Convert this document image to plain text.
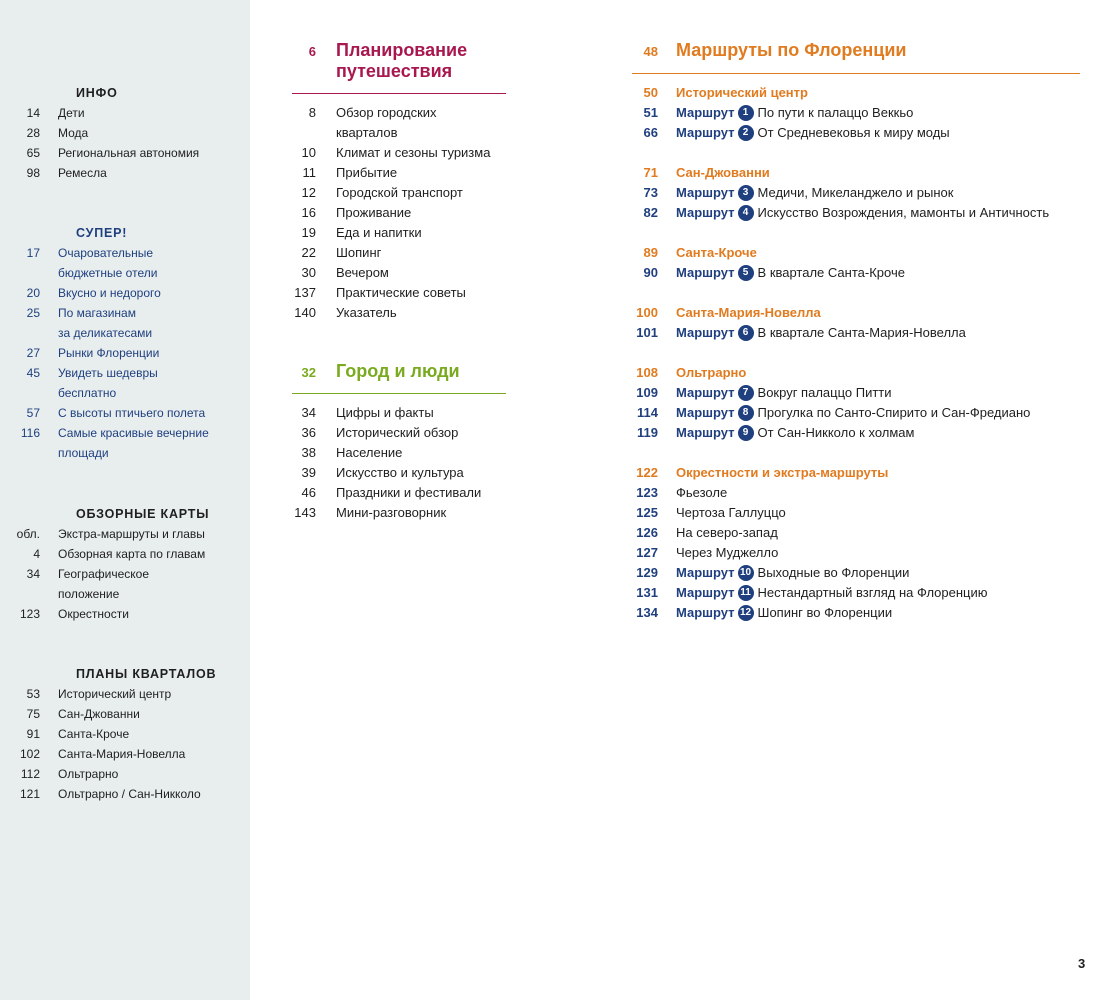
ИНФО
14	Дети
28	Мода
65	Региональная автономия
98	Ремесла
СУПЕР!
17	Очаровательные
бюджетные отели
20	Вкусно и недорого
25	По магазинам
за деликатесами
27	Рынки Флоренции
45	Увидеть шедевры
бесплатно
57	С высоты птичьего полета
116	Самые красивые вечерние
площади
ОБЗОРНЫЕ КАРТЫ
обл.	Экстра-маршруты и главы
4	Обзорная карта по главам
34	Географическое
положение
123	Окрестности
ПЛАНЫ КВАРТАЛОВ
53	Исторический центр
75	Сан-Джованни
91	Санта-Кроче
102	Санта-Мария-Новелла
112	Ольтрарно
121	Ольтрарно / Сан-Никколо
6 Планирование путешествия
8 Обзор городских
кварталов
10 Климат и сезоны туризма
11 Прибытие
12 Городской транспорт
16 Проживание
19 Еда и напитки
22 Шопинг
30 Вечером
137 Практические советы
140 Указатель
32 Город и люди
34 Цифры и факты
36 Исторический обзор
38 Население
39 Искусство и культура
46 Праздники и фестивали
143 Мини-разговорник
48 Маршруты по Флоренции
50 Исторический центр
51 Маршрут 1 По пути к палаццо Веккьо
66 Маршрут 2 От Средневековья к миру моды
71 Сан-Джованни
73 Маршрут 3 Медичи, Микеланджело и рынок
82 Маршрут 4 Искусство Возрождения, мамонты и Античность
89 Санта-Кроче
90 Маршрут 5 В квартале Санта-Кроче
100 Санта-Мария-Новелла
101 Маршрут 6 В квартале Санта-Мария-Новелла
108 Ольтрарно
109 Маршрут 7 Вокруг палаццо Питти
114 Маршрут 8 Прогулка по Санто-Спирито и Сан-Фредиано
119 Маршрут 9 От Сан-Никколо к холмам
122 Окрестности и экстра-маршруты
123 Фьезоле
125 Чертоза Галлуццо
126 На северо-запад
127 Через Муджелло
129 Маршрут 10 Выходные во Флоренции
131 Маршрут 11 Нестандартный взгляд на Флоренцию
134 Маршрут 12 Шопинг во Флоренции
3
